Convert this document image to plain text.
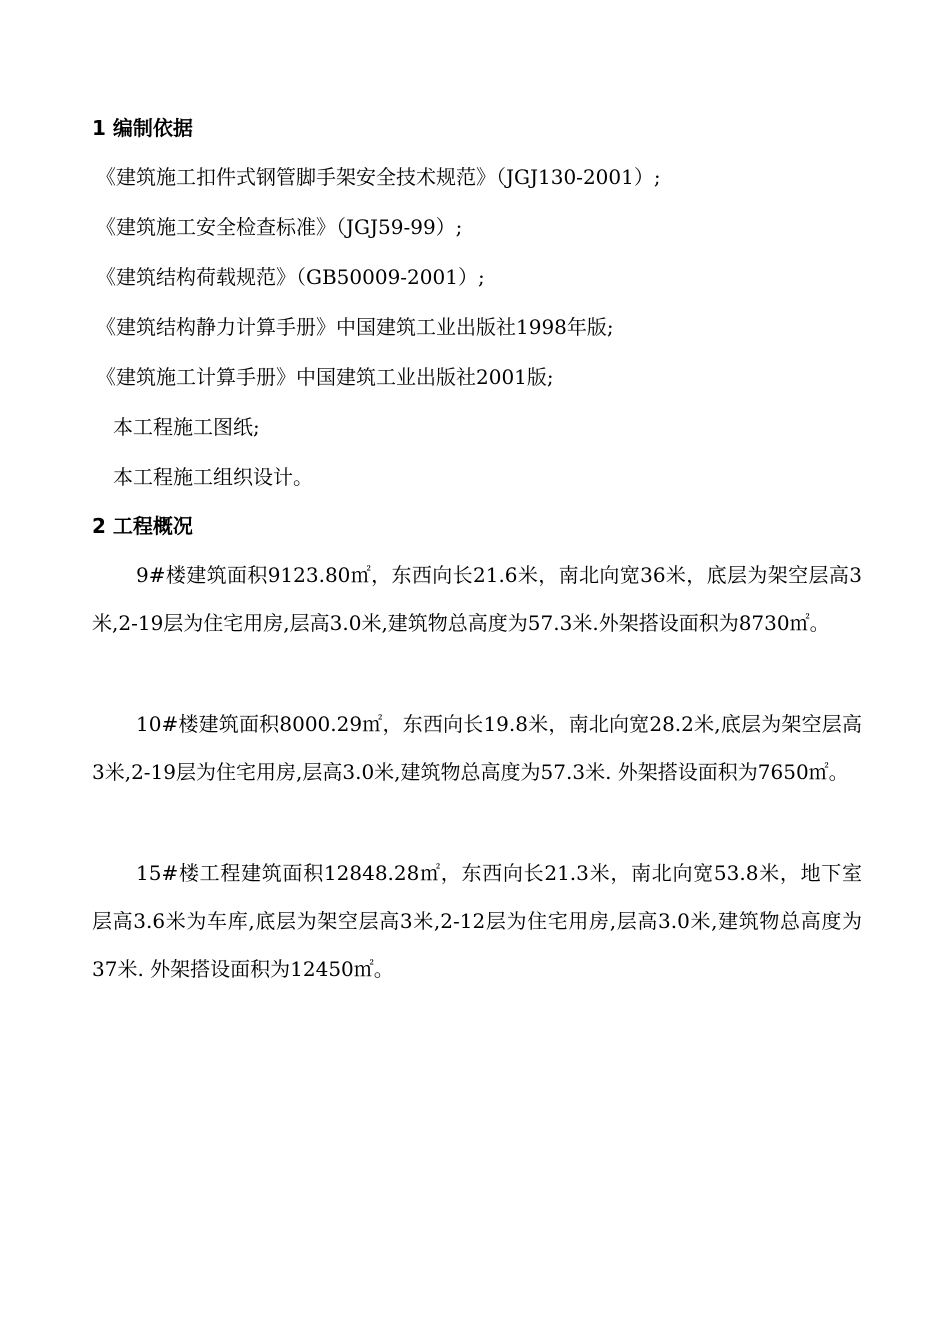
1 编制依据
《建筑施工扣件式钢管脚手架安全技术规范》（JGJ130-2001）;
《建筑施工安全检查标准》（JGJ59-99）;
《建筑结构荷载规范》（GB50009-2001）;
《建筑结构静力计算手册》中国建筑工业出版社1998年版;
《建筑施工计算手册》中国建筑工业出版社2001版;
本工程施工图纸;
本工程施工组织设计。
2 工程概况
9#楼建筑面积9123.80㎡，东西向长21.6米，南北向宽36米，底层为架空层高3米,2-19层为住宅用房,层高3.0米,建筑物总高度为57.3米.外架搭设面积为8730㎡。
10#楼建筑面积8000.29㎡，东西向长19.8米，南北向宽28.2米,底层为架空层高3米,2-19层为住宅用房,层高3.0米,建筑物总高度为57.3米. 外架搭设面积为7650㎡。
15#楼工程建筑面积12848.28㎡，东西向长21.3米，南北向宽53.8米，地下室层高3.6米为车库,底层为架空层高3米,2-12层为住宅用房,层高3.0米,建筑物总高度为37米. 外架搭设面积为12450㎡。
